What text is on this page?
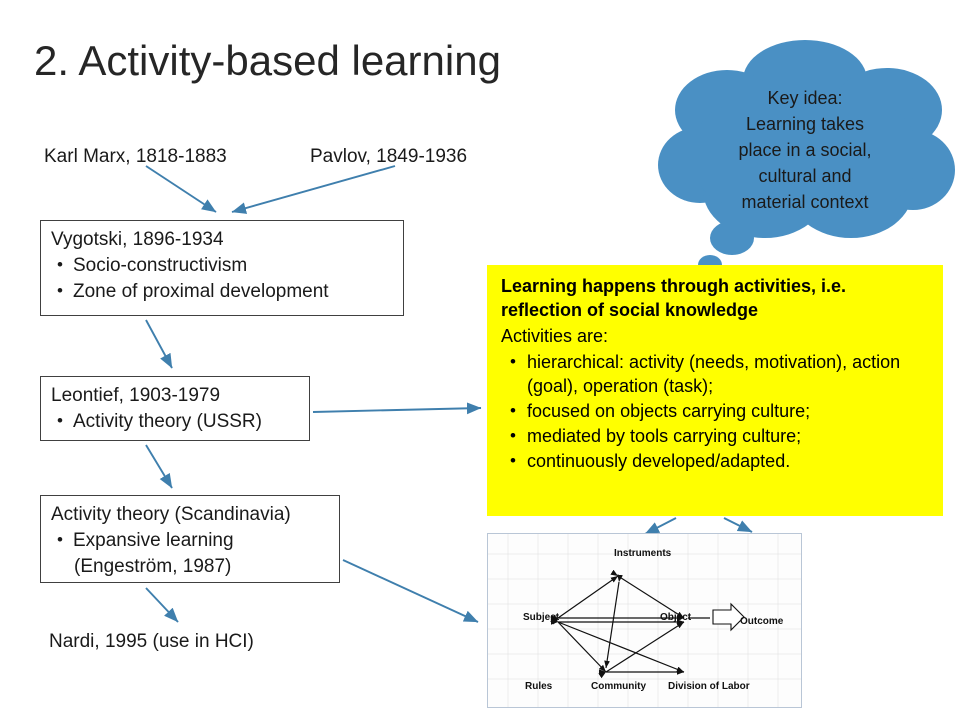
2. Activity-based learning
Karl Marx, 1818-1883	Pavlov, 1849-1936
Nardi, 1995 (use in HCI)
Vygotski, 1896-1934
• Socio-constructivism
• Zone of proximal development
Leontief, 1903-1979
• Activity theory (USSR)
Activity theory (Scandinavia)
• Expansive learning
(Engeström, 1987)
Key idea:
Learning takes
place in a social,
cultural and
material context
Learning happens through activities, i.e.
reflection of social knowledge
Activities are:
• hierarchical: activity (needs, motivation), action (goal), operation (task);
• focused on objects carrying culture;
• mediated by tools carrying culture;
• continuously developed/adapted.
Instruments
Subject	Object	Outcome
Rules	Community Division of Labor
